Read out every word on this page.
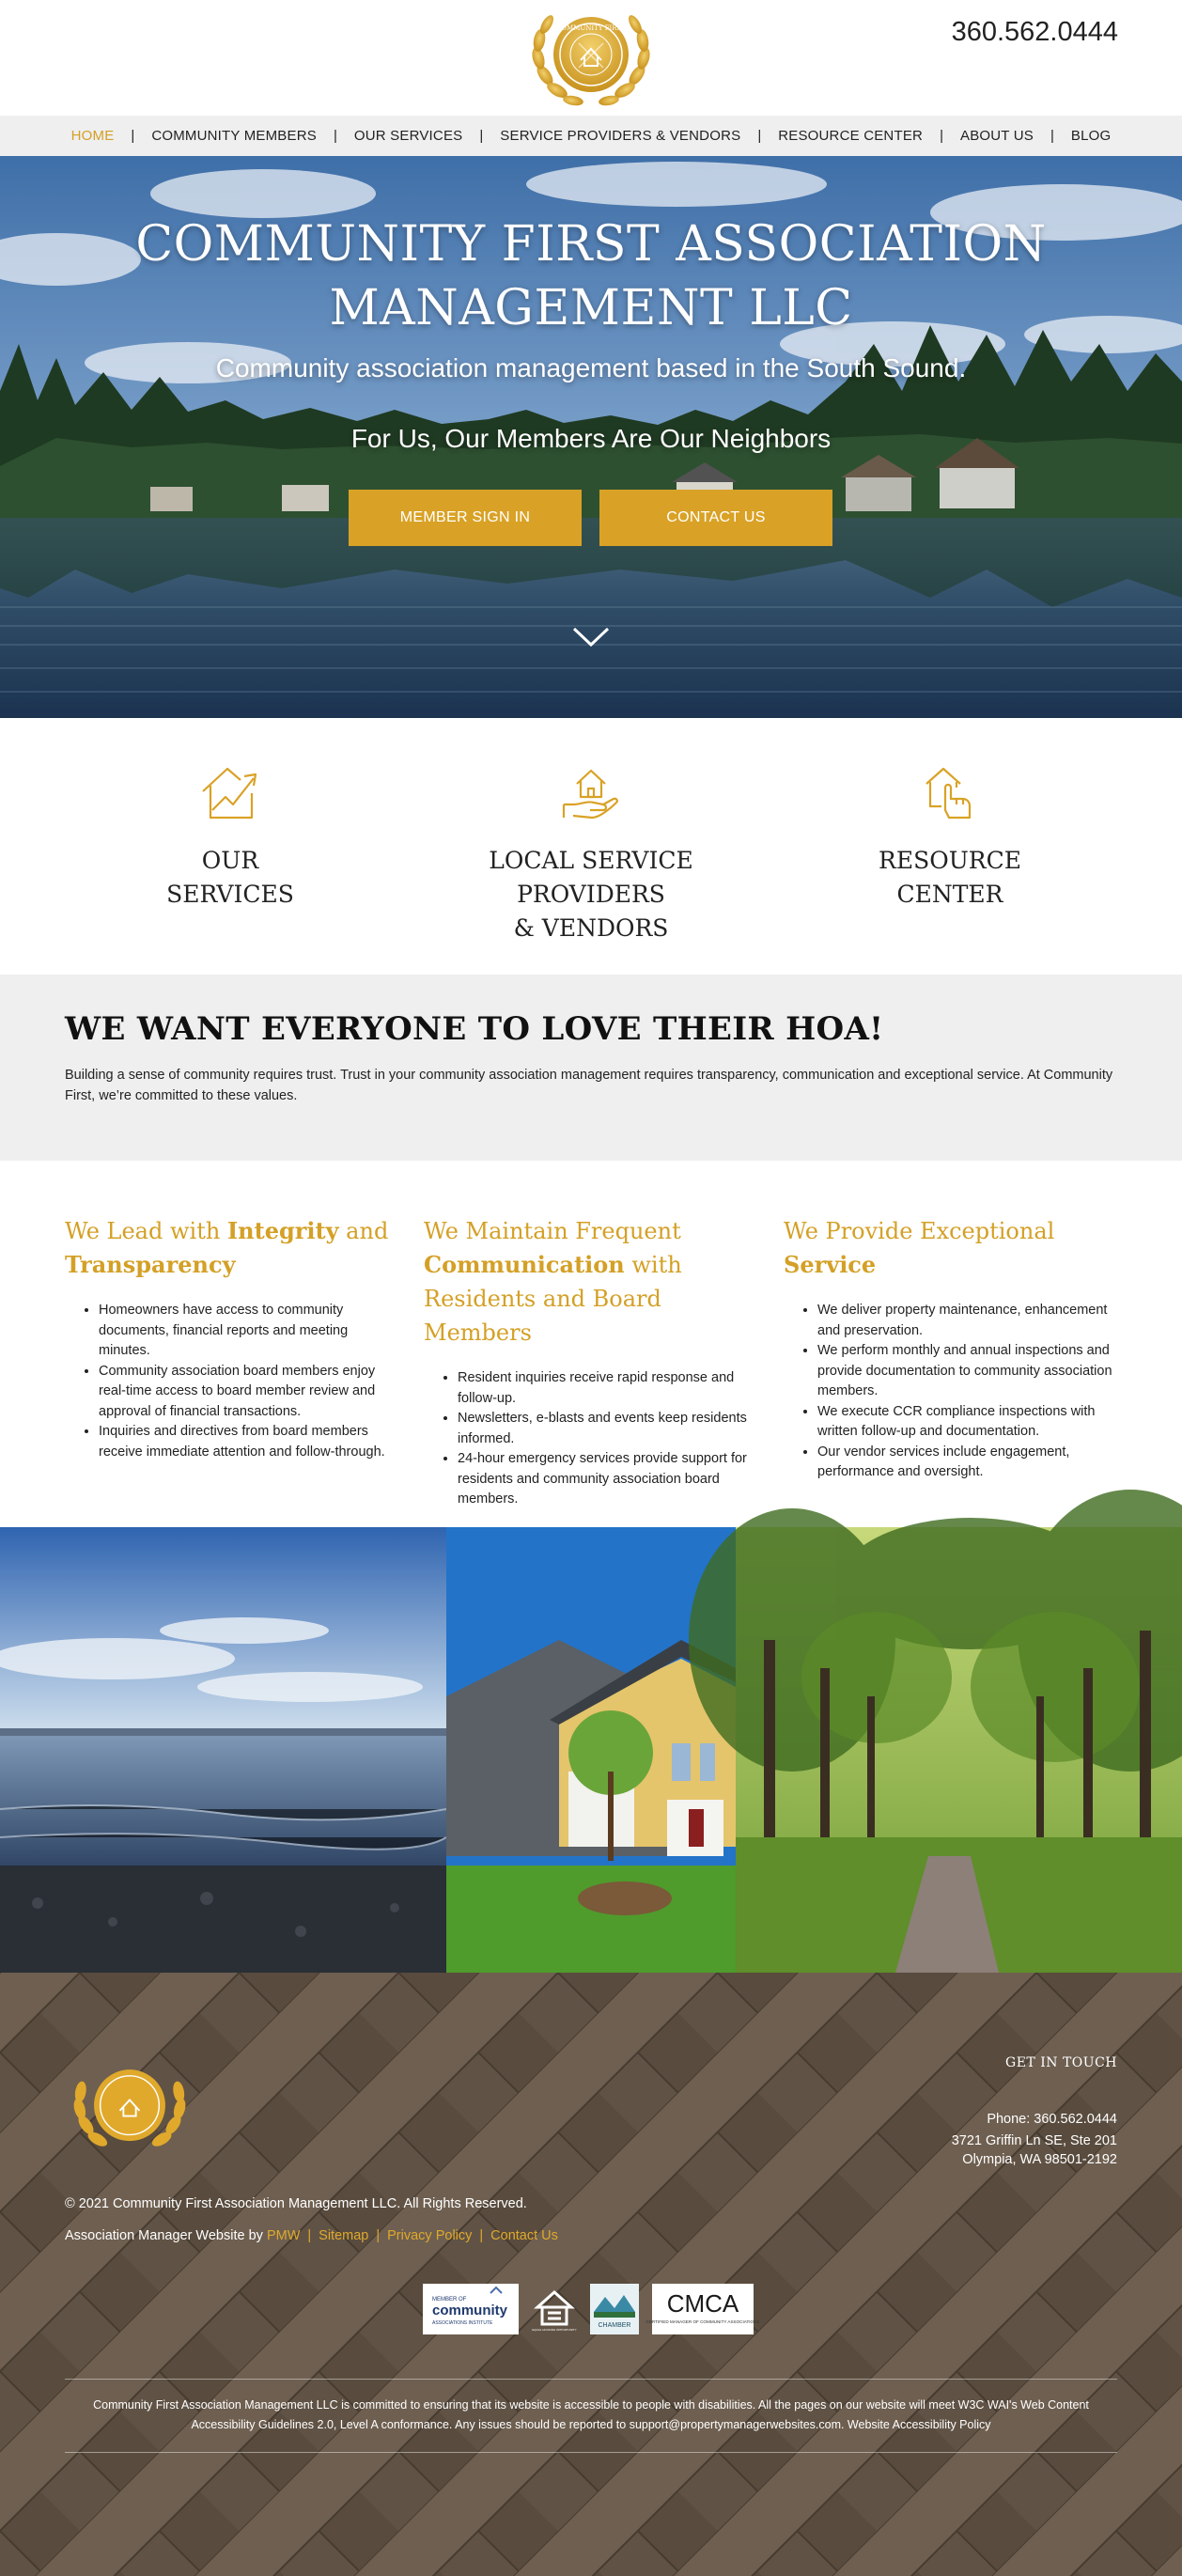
COMMUNITY FIRST	360.562.0444
HOME	|	COMMUNITY MEMBERS	|	OUR SERVICES	|	SERVICE PROVIDERS & VENDORS	|	RESOURCE CENTER	|	ABOUT US	|	BLOG
COMMUNITY FIRST ASSOCIATION
MANAGEMENT LLC
Community association management based in the South Sound.
For Us, Our Members Are Our Neighbors
MEMBER SIGN IN	CONTACT US
OUR
SERVICES
LOCAL SERVICE
PROVIDERS
& VENDORS
RESOURCE
CENTER
WE WANT EVERYONE TO LOVE THEIR HOA!

Building a sense of community requires trust. Trust in your community association management requires transparency, communication and exceptional service. At Community First, we’re committed to these values.

We Lead with Integrity and
Transparency
• Homeowners have access to community documents, financial reports and meeting minutes.
• Community association board members enjoy real-time access to board member review and approval of financial transactions.
• Inquiries and directives from board members receive immediate attention and follow-through.
We Maintain Frequent Communication with Residents and Board Members
• Resident inquiries receive rapid response and follow-up.
• Newsletters, e-blasts and events keep residents informed.
• 24-hour emergency services provide support for residents and community association board members.
We Provide Exceptional Service
• We deliver property maintenance, enhancement and preservation.
• We perform monthly and annual inspections and provide documentation to community association members.
• We execute CCR compliance inspections with written follow-up and documentation.
• Our vendor services include engagement, performance and oversight.
GET IN TOUCH
Phone: 360.562.0444
3721 Griffin Ln SE, Ste 201
Olympia, WA 98501-2192
© 2021 Community First Association Management LLC. All Rights Reserved.
Association Manager Website by PMW | Sitemap | Privacy Policy | Contact Us
MEMBER OF
community
ASSOCIATIONS INSTITUTE
EQUAL HOUSING OPPORTUNITY
CHAMBER
CMCA
CERTIFIED MANAGER OF COMMUNITY ASSOCIATIONS
Community First Association Management LLC is committed to ensuring that its website is accessible to people with disabilities. All the pages on our website will meet W3C WAI's Web Content Accessibility Guidelines 2.0, Level A conformance. Any issues should be reported to support@propertymanagerwebsites.com. Website Accessibility Policy
